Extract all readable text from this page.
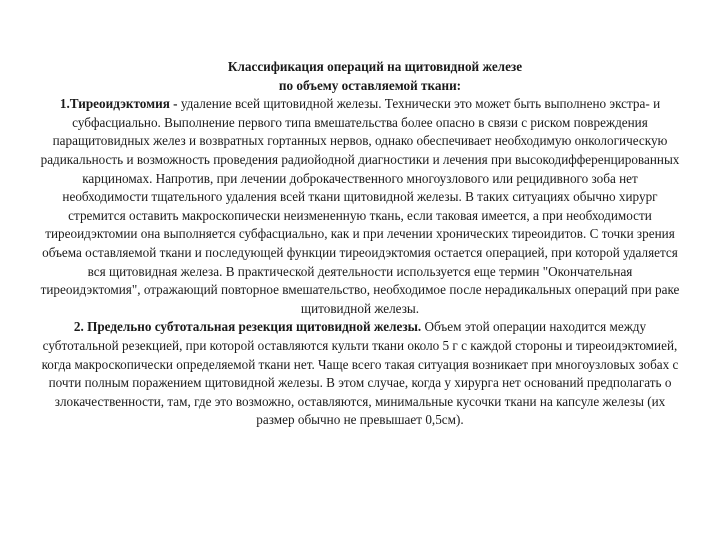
Классификация операций на щитовидной железе
по объему оставляемой ткани:

1.Тиреоидэктомия - удаление всей щитовидной железы. Технически это может быть выполнено экстра- и субфасциально. Выполнение первого типа вмешательства более опасно в связи с риском повреждения паращитовидных желез и возвратных гортанных нервов, однако обеспечивает необходимую онкологическую радикальность и возможность проведения радиойодной диагностики и лечения при высокодифференцированных карциномах. Напротив, при лечении доброкачественного многоузлового или рецидивного зоба нет необходимости тщательного удаления всей ткани щитовидной железы. В таких ситуациях обычно хирург стремится оставить макроскопически неизмененную ткань, если таковая имеется, а при необходимости тиреоидэктомии она выполняется субфасциально, как и при лечении хронических тиреоидитов. С точки зрения объема оставляемой ткани и последующей функции тиреоидэктомия остается операцией, при которой удаляется вся щитовидная железа. В практической деятельности используется еще термин "Окончательная тиреоидэктомия", отражающий повторное вмешательство, необходимое после нерадикальных операций при раке щитовидной железы.

2. Предельно субтотальная резекция щитовидной железы. Объем этой операции находится между субтотальной резекцией, при которой оставляются культи ткани около 5 г с каждой стороны и тиреоидэктомией, когда макроскопически определяемой ткани нет. Чаще всего такая ситуация возникает при многоузловых зобах с почти полным поражением щитовидной железы. В этом случае, когда у хирурга нет оснований предполагать о злокачественности, там, где это возможно, оставляются, минимальные кусочки ткани на капсуле железы (их размер обычно не превышает 0,5см).
